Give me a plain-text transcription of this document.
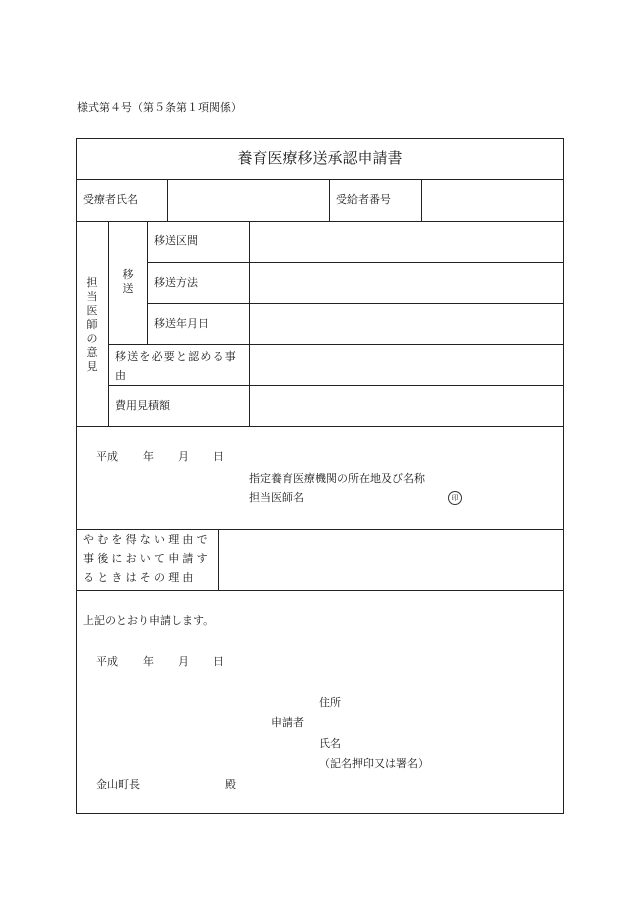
様式第４号（第５条第１項関係）
養育医療移送承認申請書
受療者氏名	受給者番号
担当医師の意見
移送
移送区間
移送方法
移送年月日
移送を必要と認める事由
費用見積額
平成 年 月 日
指定養育医療機関の所在地及び名称
担当医師名	印
やむを得ない理由で事後において申請するときはその理由
上記のとおり申請します。
平成 年 月 日
住所
申請者
氏名
（記名押印又は署名）
金山町長	殿
